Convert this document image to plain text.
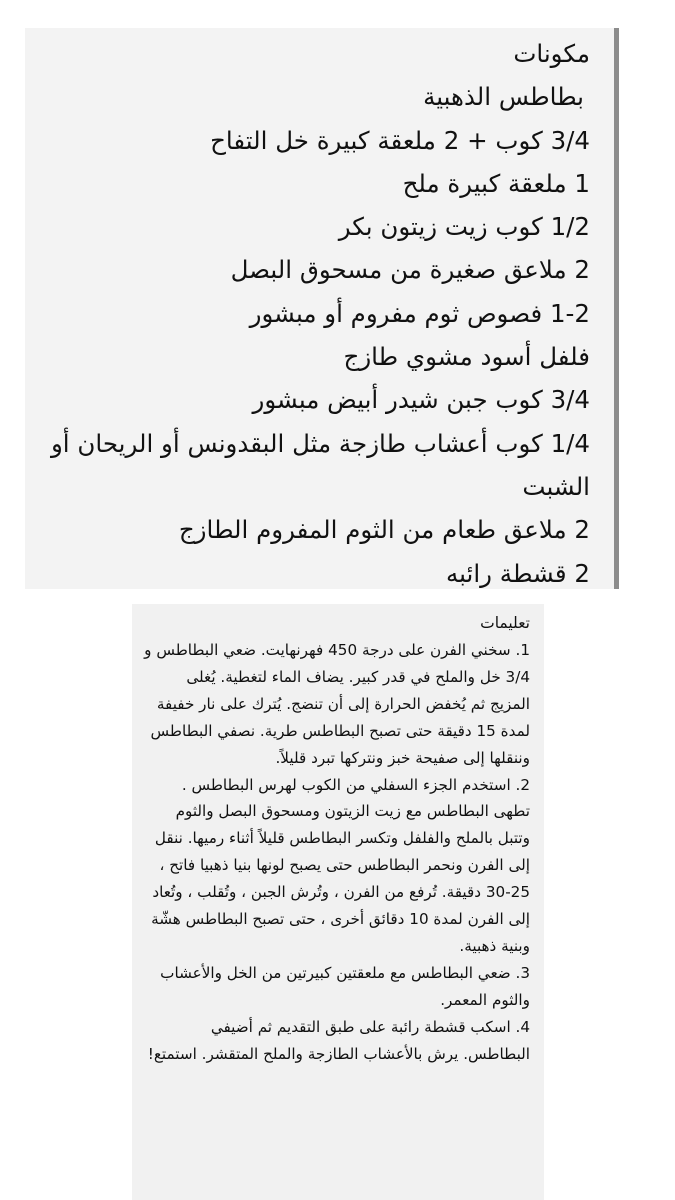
مكونات
بطاطس الذهبية
3/4 كوب + 2 ملعقة كبيرة خل التفاح
1 ملعقة كبيرة ملح
1/2 كوب زيت زيتون بكر
2 ملاعق صغيرة من مسحوق البصل
1-2 فصوص ثوم مفروم أو مبشور
فلفل أسود مشوي طازج
3/4 كوب جبن شيدر أبيض مبشور
1/4 كوب أعشاب طازجة مثل البقدونس أو الريحان أو الشبت
2 ملاعق طعام من الثوم المفروم الطازج
2 قشطة رائبه
تعليمات
1. سخني الفرن على درجة 450 فهرنهايت. ضعي البطاطس و 3/4 خل والملح في قدر كبير. يضاف الماء لتغطية. يُغلى المزيج ثم يُخفض الحرارة إلى أن تنضج. يُترك على نار خفيفة لمدة 15 دقيقة حتى تصبح البطاطس طرية. نصفي البطاطس وننقلها إلى صفيحة خبز ونتركها تبرد قليلاً.
2. استخدم الجزء السفلي من الكوب لهرس البطاطس . تطهى البطاطس مع زيت الزيتون ومسحوق البصل والثوم وتتبل بالملح والفلفل وتكسر البطاطس قليلاً أثناء رميها. ننقل إلى الفرن ونحمر البطاطس حتى يصبح لونها بنيا ذهبيا فاتح ، 25-30 دقيقة. تُرفع من الفرن ، وتُرش الجبن ، وتُقلب ، وتُعاد إلى الفرن لمدة 10 دقائق أخرى ، حتى تصبح البطاطس هشّة وبنية ذهبية.
3. ضعي البطاطس مع ملعقتين كبيرتين من الخل والأعشاب والثوم المعمر.
4. اسكب قشطة رائبة على طبق التقديم ثم أضيفي البطاطس. يرش بالأعشاب الطازجة والملح المتقشر. استمتع!
